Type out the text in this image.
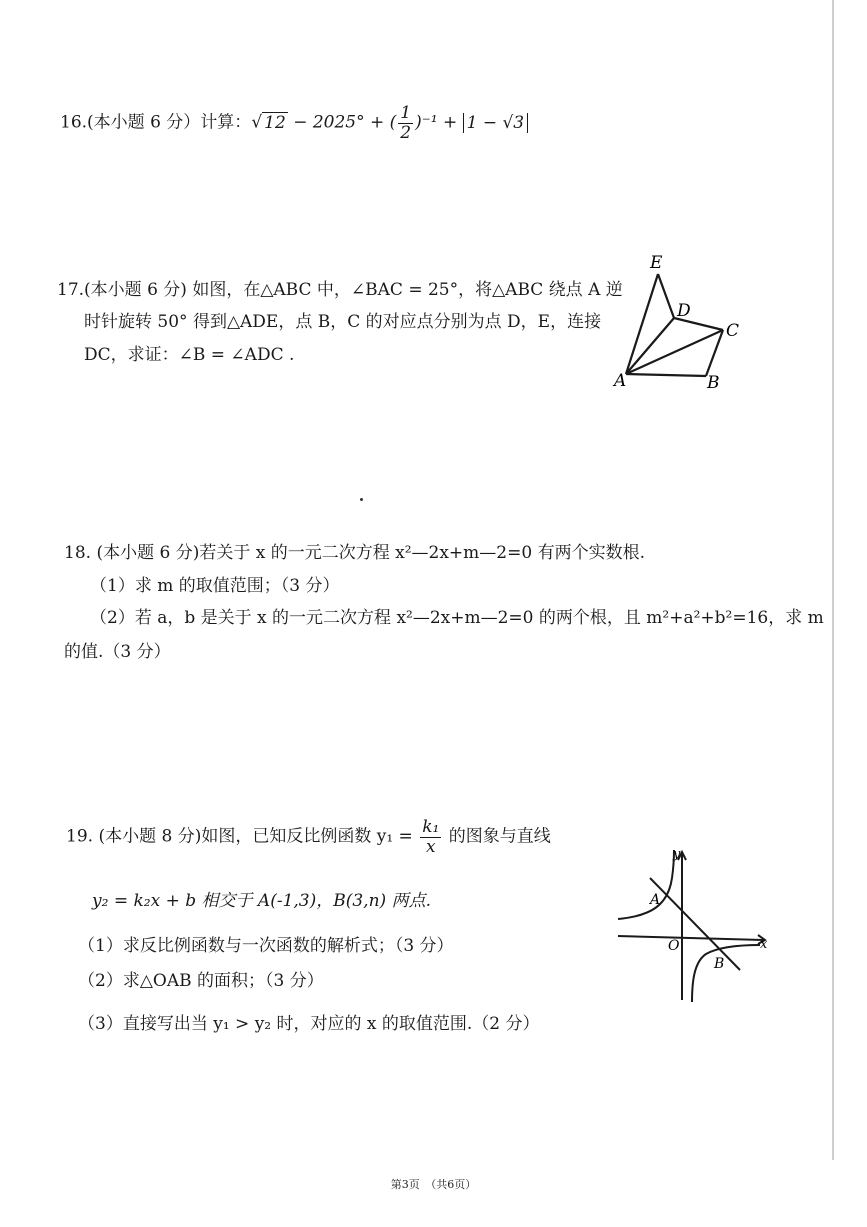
16.(本小题 6 分）计算：√ 12 − 2025° + ( $\frac{1}{2} )^{-1} + 1 - √3$
17.(本小题 6 分) 如图，在△ABC 中，∠BAC = 25°，将△ABC 绕点 A 逆
时针旋转 50° 得到△ADE，点 B，C 的对应点分别为点 D，E，连接
DC，求证：∠B = ∠ADC .
E
D
C
A	B
18. (本小题 6 分)若关于 x 的一元二次方程 x²—2x+m—2=0 有两个实数根.
（1）求 m 的取值范围；（3 分）
（2）若 a，b 是关于 x 的一元二次方程 x²—2x+m—2=0 的两个根，且 m²+a²+b²=16，求 m
的值.（3 分）
19. (本小题 8 分)如图，已知反比例函数 $y_1 = \frac{\text{k₁}}{x}$ 的图象与直线
y₂ = k₂x + b 相交于 A(-1,3)，B(3,n) 两点.
（1）求反比例函数与一次函数的解析式；（3 分）
（2）求△OAB 的面积；（3 分）
（3）直接写出当 y₁ > y₂ 时，对应的 x 的取值范围.（2 分）
y
A
O
B
x
第3页　（共6页）
